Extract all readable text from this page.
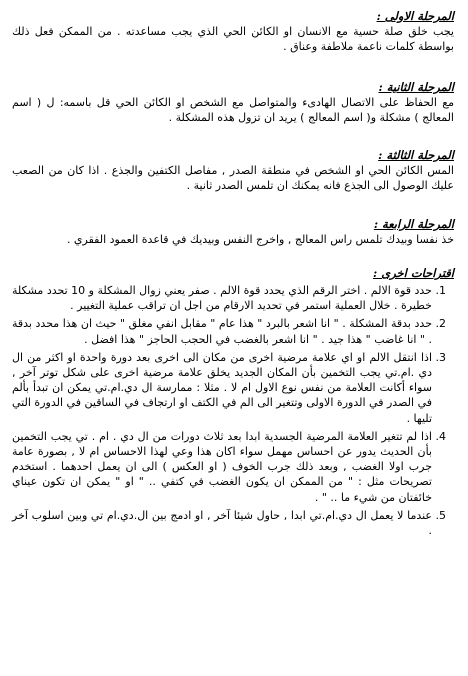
المرحلة الاولى :

يجب خلق صلة حسية مع الانسان او الكائن الحي الذي يجب مساعدته . من الممكن فعل ذلك بواسطة كلمات ناعمة ملاطفة وعناق .

المرحلة الثانية :

مع الحفاظ على الاتصال الهادىء والمتواصل مع الشخص او الكائن الحي قل باسمه: ل ( اسم المعالج ) مشكلة و( اسم المعالج ) يريد ان تزول هذه المشكلة .

المرحلة الثالثة :

المس الكائن الحي او الشخص في منطقة الصدر , مفاصل الكتفين والجذع . اذا كان من الصعب عليك الوصول الى الجذع فانه يمكنك ان تلمس الصدر ثانية .

المرحلة الرابعة :

خذ نفسا وبيدك تلمس راس المعالج , واخرج النفس وبيديك في قاعدة العمود الفقري .

اقتراحات اخرى :

1. حدد قوة الالم . اختر الرقم الذي يحدد قوة الالم . صفر يعني زوال المشكلة و 10 تحدد مشكلة خطيرة . خلال العملية استمر في تحديد الارقام من اجل ان تراقب عملية التغيير .
2. حدد بدقة المشكلة . " انا اشعر بالبرد " هذا عام " مقابل انفي مغلق " حيث ان هذا محدد بدقة . " انا غاضب " هذا جيد . " انا اشعر بالغضب في الحجب الحاجز " هذا افضل .
3. اذا انتقل الالم او اي علامة مرضية اخرى من مكان الى اخرى بعد دورة واحدة او اكثر من ال دي .ام.تي يجب التخمين بأن المكان الجديد يخلق علامة مرضية اخرى على شكل توتر آخر , سواء أكانت العلامة من نفس نوع الاول ام لا . مثلا : ممارسة ال دي.ام.تي يمكن ان تبدأ بألم في الصدر في الدورة الاولى وتتغير الى الم في الكتف او ارتجاف في الساقين في الدورة التي تليها .
4. اذا لم تتغير العلامة المرضية الجسدية ابدا بعد ثلاث دورات من ال دي . ام . تي يجب التخمين بأن الحديث يدور عن احساس مهمل سواء اكان هذا وعي لهذا الاحساس ام لا , بصورة عامة جرب اولا الغضب , وبعد ذلك جرب الخوف ( او العكس ) الى ان يعمل احدهما . استخدم تصريحات مثل : " من الممكن ان يكون الغضب في كتفي .. " او " يمكن ان تكون عيناي خائفتان من شيء ما .. " .
5. عندما لا يعمل ال دي.ام.تي ابدا , حاول شيئا آخر , او ادمج بين ال.دي.ام تي وبين اسلوب آخر .
